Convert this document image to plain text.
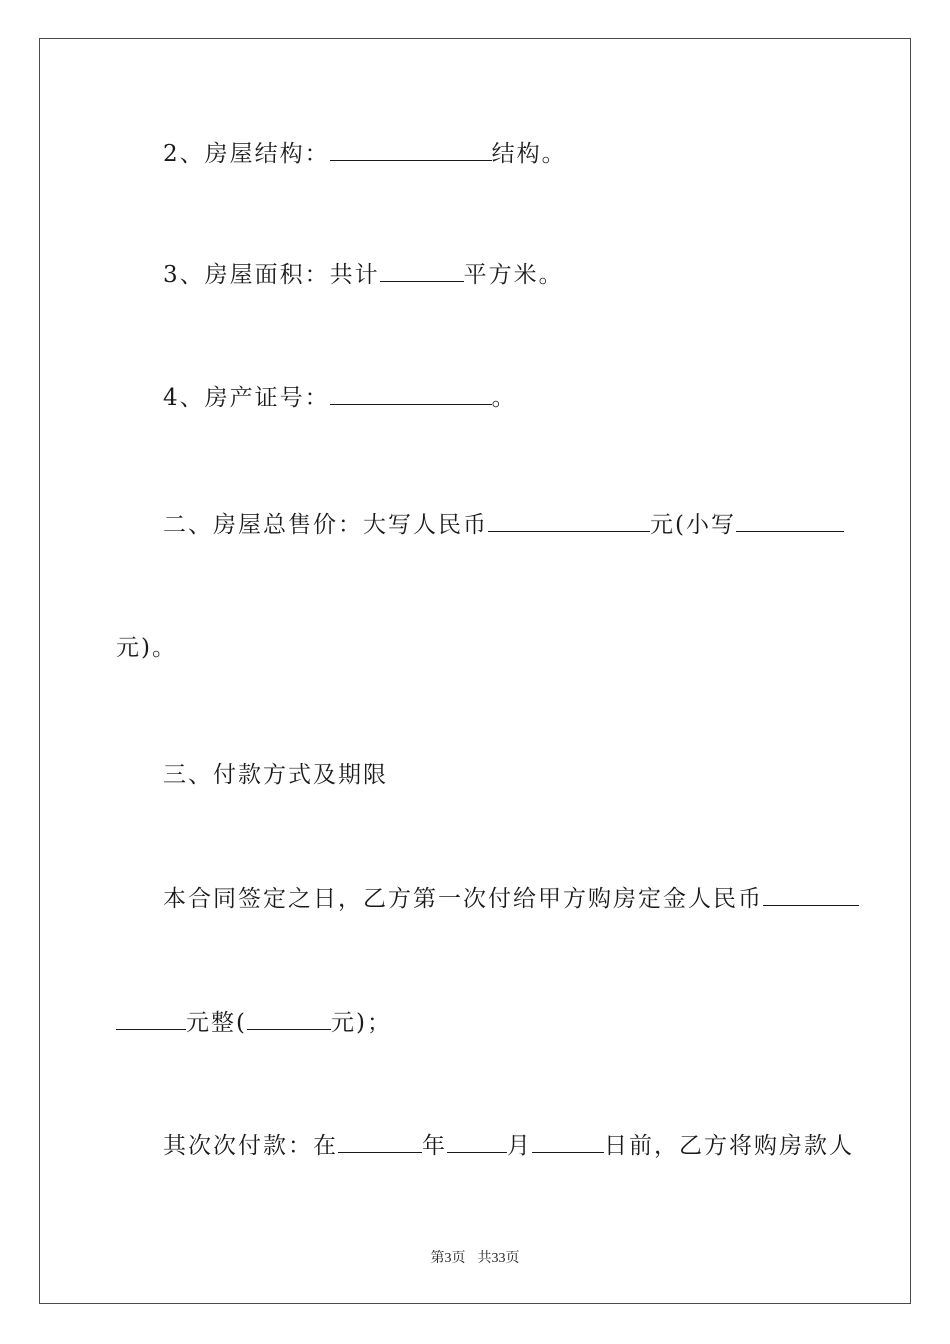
2、房屋结构：	结构。
3、房屋面积：共计	平方米。
4、房产证号：	。
二、房屋总售价：大写人民币	元(小写
元)。
三、付款方式及期限
本合同签定之日，乙方第一次付给甲方购房定金人民币
元整(	元)；
其次次付款：在	年	月	日前，乙方将购房款人
第3页 共33页
